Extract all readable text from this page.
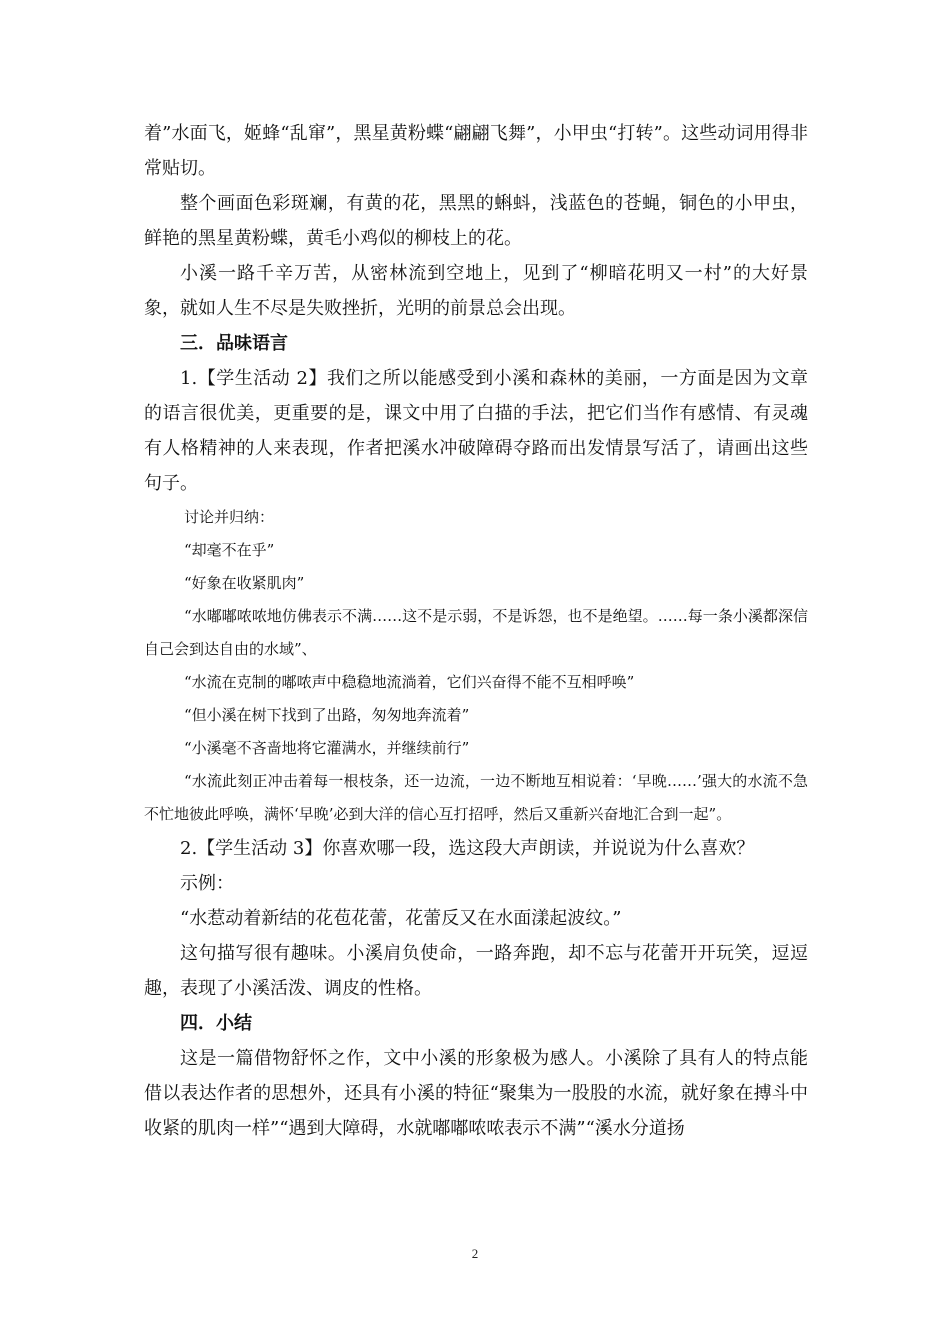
着”水面飞，姬蜂“乱窜”，黑星黄粉蝶“翩翩飞舞”，小甲虫“打转”。这些动词用得非常贴切。

整个画面色彩斑斓，有黄的花，黑黑的蝌蚪，浅蓝色的苍蝇，铜色的小甲虫，鲜艳的黑星黄粉蝶，黄毛小鸡似的柳枝上的花。

小溪一路千辛万苦，从密林流到空地上，见到了“柳暗花明又一村”的大好景象，就如人生不尽是失败挫折，光明的前景总会出现。

三．品味语言

1.【学生活动 2】我们之所以能感受到小溪和森林的美丽，一方面是因为文章的语言很优美，更重要的是，课文中用了白描的手法，把它们当作有感情、有灵魂有人格精神的人来表现，作者把溪水冲破障碍夺路而出发情景写活了，请画出这些句子。

讨论并归纳：

“却毫不在乎”

“好象在收紧肌肉”

“水嘟嘟哝哝地仿佛表示不满……这不是示弱，不是诉怨，也不是绝望。……每一条小溪都深信自己会到达自由的水域”、

“水流在克制的嘟哝声中稳稳地流淌着，它们兴奋得不能不互相呼唤”

“但小溪在树下找到了出路，匆匆地奔流着”

“小溪毫不吝啬地将它灌满水，并继续前行”

“水流此刻正冲击着每一根枝条，还一边流，一边不断地互相说着：‘早晚……’强大的水流不急不忙地彼此呼唤，满怀‘早晚’必到大洋的信心互打招呼，然后又重新兴奋地汇合到一起”。

2.【学生活动 3】你喜欢哪一段，选这段大声朗读，并说说为什么喜欢？

示例：

“水惹动着新结的花苞花蕾，花蕾反又在水面漾起波纹。”

这句描写很有趣味。小溪肩负使命，一路奔跑，却不忘与花蕾开开玩笑，逗逗趣，表现了小溪活泼、调皮的性格。

四．小结

这是一篇借物舒怀之作，文中小溪的形象极为感人。小溪除了具有人的特点能借以表达作者的思想外，还具有小溪的特征“聚集为一股股的水流，就好象在搏斗中收紧的肌肉一样”“遇到大障碍，水就嘟嘟哝哝表示不满”“溪水分道扬

2
